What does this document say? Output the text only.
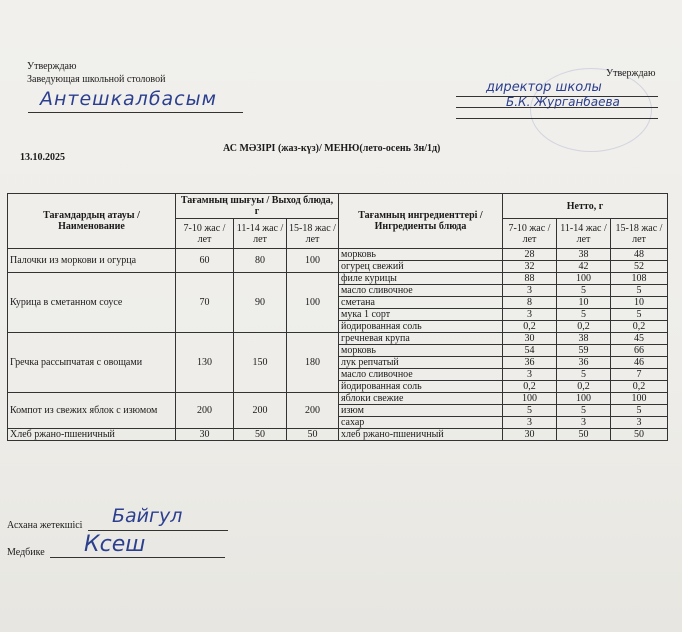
Утверждаю
Заведующая школьной столовой
Антешкалбасым
Утверждаю
директор школы
Б.К. Журганбаева
13.10.2025
АС МӘЗІРІ (жаз-күз)/ МЕНЮ(лето-осень 3н/1д)
Тағамдардың атауы / Наименование	Тағамның шығуы / Выход блюда, г			Тағамның ингредиенттері / Ингредиенты блюда	Нетто, г		
	7-10 жас / лет	11-14 жас / лет	15-18 жас / лет		7-10 жас / лет	11-14 жас / лет	15-18 жас / лет
Палочки из моркови и огурца	60	80	100	морковь	28	38	48
				огурец свежий	32	42	52
Курица в сметанном соусе	70	90	100	филе курицы	88	100	108
				масло сливочное	3	5	5
				сметана	8	10	10
				мука 1 сорт	3	5	5
				йодированная соль	0,2	0,2	0,2
Гречка рассыпчатая с овощами	130	150	180	гречневая крупа	30	38	45
				морковь	54	59	66
				лук репчатый	36	36	46
				масло сливочное	3	5	7
				йодированная соль	0,2	0,2	0,2
Компот из свежих яблок с изюмом	200	200	200	яблоки свежие	100	100	100
				изюм	5	5	5
				сахар	3	3	3
Хлеб ржано-пшеничный	30	50	50	хлеб ржано-пшеничный	30	50	50
Асхана жетекшісі Байгул
Медбике Ксеш
